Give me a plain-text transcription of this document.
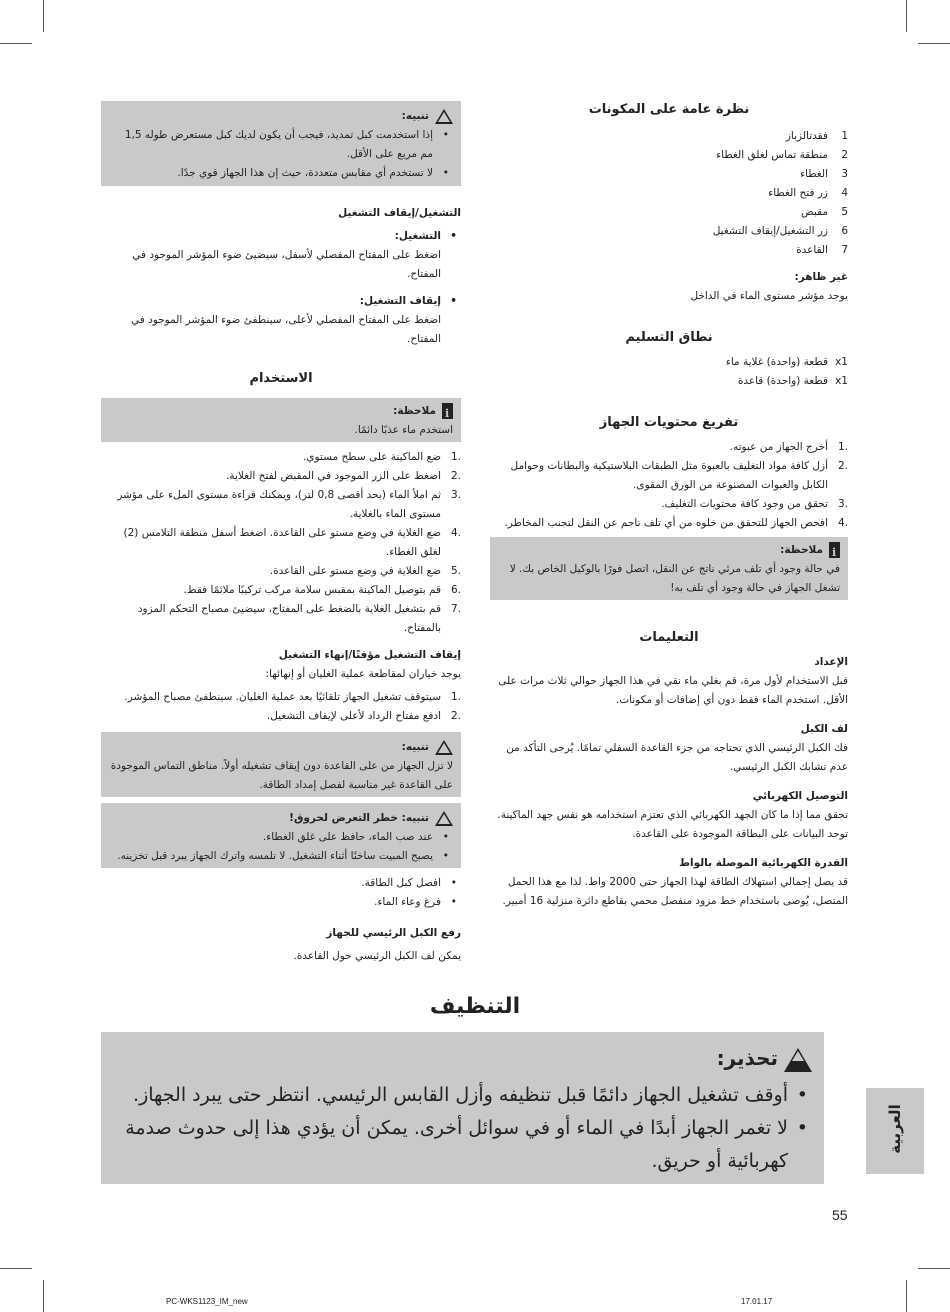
نظرة عامة على المكونات

1
فقدتالزباز
2
منطقة تماس لغلق الغطاء
3
الغطاء
4
زر فتح الغطاء
5
مقبض
6
زر التشغيل/إيقاف التشغيل
7
القاعدة
غير ظاهر:
يوجد مؤشر مستوى الماء في الداخل

نطاق التسليم

x1
قطعة (واحدة) غلاية ماء
x1
قطعة (واحدة) قاعدة

تفريغ محتويات الجهاز

.1
أخرج الجهاز من عبوته.
.2
أزل كافة مواد التغليف بالعبوة مثل الطبقات البلاستيكية والبطانات وحوامل الكابل والعبوات المصنوعة من الورق المقوى.
.3
تحقق من وجود كافة محتويات التغليف.
.4
افحص الجهاز للتحقق من خلوه من أي تلف ناجم عن النقل لتجنب المخاطر.
iملاحظة:
في حالة وجود أي تلف مرئي ناتج عن النقل، اتصل فورًا بالوكيل الخاص بك. لا تشغل الجهاز في حالة وجود أي تلف به!

التعليمات

الإعداد
قبل الاستخدام لأول مرة، قم بغلي ماء نقي في هذا الجهاز حوالي ثلاث مرات على الأقل. استخدم الماء فقط دون أي إضافات أو مكونات.
لف الكبل
فك الكبل الرئيسي الذي تحتاجه من جزء القاعدة السفلي تمامًا. يُرجى التأكد من عدم تشابك الكبل الرئيسي.
التوصيل الكهربائي
تحقق مما إذا ما كان الجهد الكهربائي الذي تعتزم استخدامه هو نفس جهد الماكينة. توجد البيانات على البطاقة الموجودة على القاعدة.
القدرة الكهربائية الموصلة بالواط
قد يصل إجمالي استهلاك الطاقة لهذا الجهاز حتى 2000 واط. لذا مع هذا الحمل المتصل، يُوصى باستخدام خط مزود منفصل محمي بقاطع دائرة منزلية 16 أمبير.
تنبيه:
• إذا استخدمت كبل تمديد، فيجب أن يكون لديك كبل مستعرض طوله 1,5 مم مربع على الأقل.
• لا تستخدم أي مقابس متعددة، حيث إن هذا الجهاز قوي جدًا.
التشغيل/إيقاف التشغيل
• التشغيل:
اضغط على المفتاح المفصلي لأسفل، سيضيئ ضوء المؤشر الموجود في المفتاح.
• إيقاف التشغيل:
اضغط على المفتاح المفصلي لأعلى، سينطفئ ضوء المؤشر الموجود في المفتاح.

الاستخدام

iملاحظة:
استخدم ماء عذبًا دائمًا.
.1
ضع الماكينة على سطح مستوي.
.2
اضغط على الزر الموجود في المقبض لفتح الغلاية.
.3
ثم املأ الماء (بحد أقصى 0,8 لتر)، ويمكنك قراءة مستوى الملء على مؤشر مستوى الماء بالغلاية.
.4
ضع الغلاية في وضع مستو على القاعدة. اضغط أسفل منطقة التلامس (2) لغلق الغطاء.
.5
ضع الغلاية في وضع مستو على القاعدة.
.6
قم بتوصيل الماكينة بمقبس سلامة مركب تركيبًا ملائمًا فقط.
.7
قم بتشغيل الغلاية بالضغط على المفتاح، سيضيئ مصباح التحكم المزود بالمفتاح.
إيقاف التشغيل مؤقتًا/إنهاء التشغيل
يوجد خياران لمقاطعة عملية الغليان أو إنهائها:
.1
سيتوقف تشغيل الجهاز تلقائيًا بعد عملية الغليان. سينطفئ مصباح المؤشر.
.2
ادفع مفتاح الرداد لأعلى لإيقاف التشغيل.
تنبيه:
لا تزل الجهاز من على القاعدة دون إيقاف تشغيله أولاً. مناطق التماس الموجودة على القاعدة غير مناسبة لفصل إمداد الطاقة.
تنبيه: خطر التعرض لحروق!
• عند صب الماء، حافظ على غلق الغطاء.
• يصبح المبيت ساخنًا أثناء التشغيل. لا تلمسه واترك الجهاز يبرد قبل تخزينه.
• افصل كبل الطاقة.
• فرغ وعاء الماء.
رفع الكبل الرئيسي للجهاز
يمكن لف الكبل الرئيسي حول القاعدة.
التنظيف
تحذير:
• أوقف تشغيل الجهاز دائمًا قبل تنظيفه وأزل القابس الرئيسي. انتظر حتى يبرد الجهاز.
• لا تغمر الجهاز أبدًا في الماء أو في سوائل أخرى. يمكن أن يؤدي هذا إلى حدوث صدمة كهربائية أو حريق.
العربية
55
PC-WKS1123_IM_new	17.01.17
